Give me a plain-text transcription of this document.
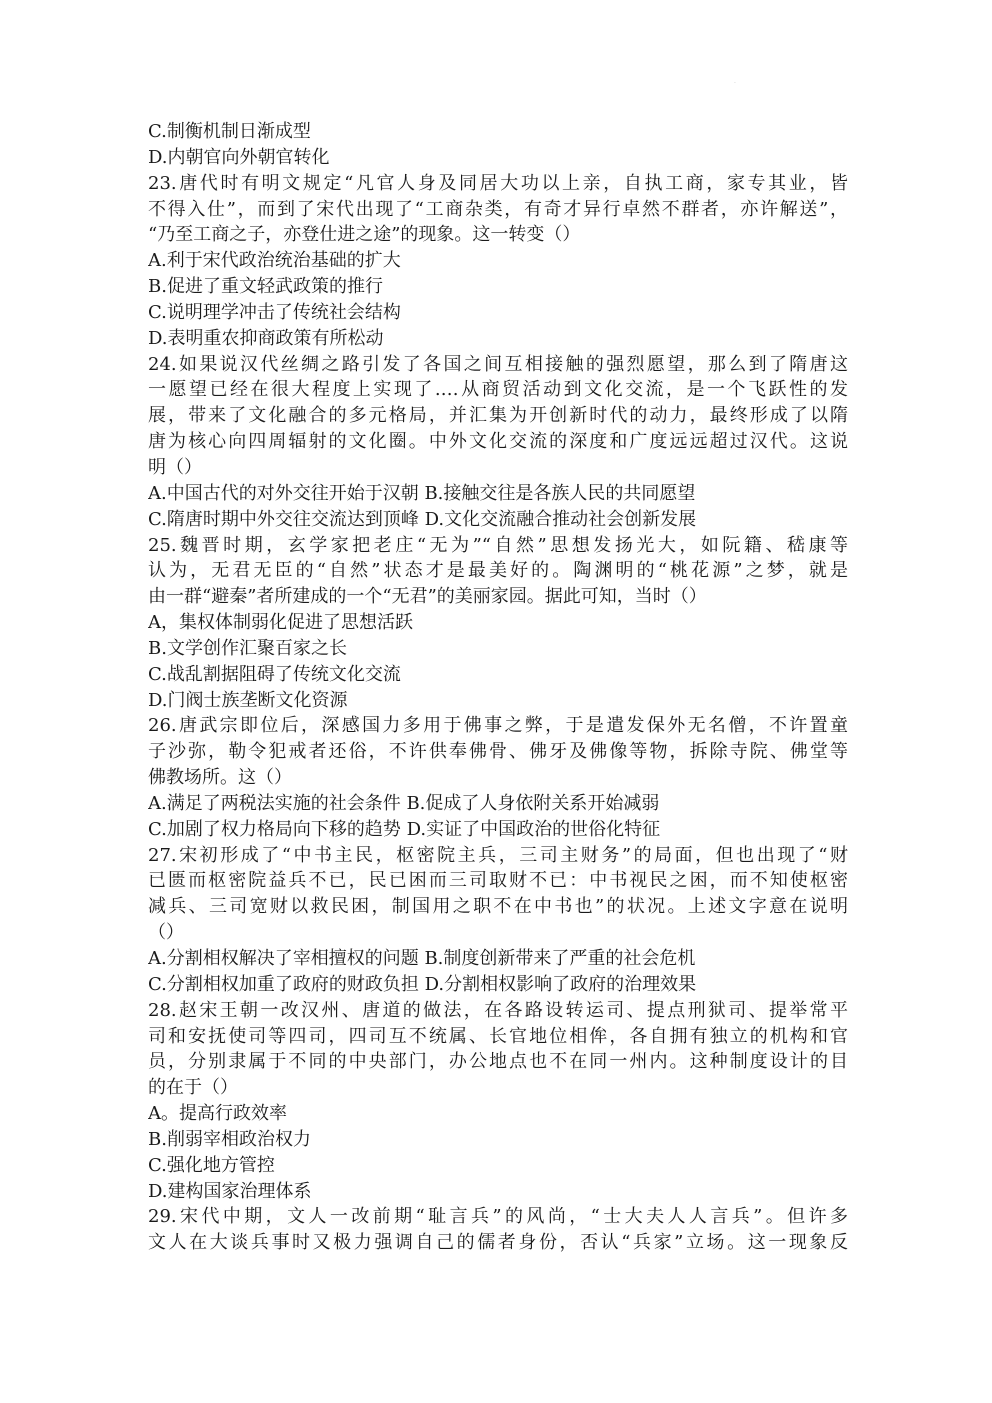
·
C.制衡机制日渐成型
D.内朝官向外朝官转化
23.唐代时有明文规定“凡官人身及同居大功以上亲，自执工商，家专其业，皆
不得入仕”，而到了宋代出现了“工商杂类，有奇才异行卓然不群者，亦许解送”，
“乃至工商之子，亦登仕进之途”的现象。这一转变（）
A.利于宋代政治统治基础的扩大
B.促进了重文轻武政策的推行
C.说明理学冲击了传统社会结构
D.表明重农抑商政策有所松动
24.如果说汉代丝绸之路引发了各国之间互相接触的强烈愿望，那么到了隋唐这
一愿望已经在很大程度上实现了.…从商贸活动到文化交流，是一个飞跃性的发
展，带来了文化融合的多元格局，并汇集为开创新时代的动力，最终形成了以隋
唐为核心向四周辐射的文化圈。中外文化交流的深度和广度远远超过汉代。这说
明（）
A.中国古代的对外交往开始于汉朝 B.接触交往是各族人民的共同愿望
C.隋唐时期中外交往交流达到顶峰 D.文化交流融合推动社会创新发展
25.魏晋时期，玄学家把老庄“无为”“自然”思想发扬光大，如阮籍、嵇康等
认为，无君无臣的“自然”状态才是最美好的。陶渊明的“桃花源”之梦，就是
由一群“避秦”者所建成的一个“无君”的美丽家园。据此可知，当时（）
A，集权体制弱化促进了思想活跃
B.文学创作汇聚百家之长
C.战乱割据阻碍了传统文化交流
D.门阀士族垄断文化资源
26.唐武宗即位后，深感国力多用于佛事之弊，于是遣发保外无名僧，不许置童
子沙弥，勒令犯戒者还俗，不许供奉佛骨、佛牙及佛像等物，拆除寺院、佛堂等
佛教场所。这（）
A.满足了两税法实施的社会条件 B.促成了人身依附关系开始减弱
C.加剧了权力格局向下移的趋势 D.实证了中国政治的世俗化特征
27.宋初形成了“中书主民，枢密院主兵，三司主财务”的局面，但也出现了“财
已匮而枢密院益兵不已，民已困而三司取财不已：中书视民之困，而不知使枢密
减兵、三司宽财以救民困，制国用之职不在中书也”的状况。上述文字意在说明
（）
A.分割相权解决了宰相擅权的问题 B.制度创新带来了严重的社会危机
C.分割相权加重了政府的财政负担 D.分割相权影响了政府的治理效果
28.赵宋王朝一改汉州、唐道的做法，在各路设转运司、提点刑狱司、提举常平
司和安抚使司等四司，四司互不统属、长官地位相侔，各自拥有独立的机构和官
员，分别隶属于不同的中央部门，办公地点也不在同一州内。这种制度设计的目
的在于（）
A。提高行政效率
B.削弱宰相政治权力
C.强化地方管控
D.建构国家治理体系
29.宋代中期，文人一改前期“耻言兵”的风尚，“士大夫人人言兵”。但许多
文人在大谈兵事时又极力强调自己的儒者身份，否认“兵家”立场。这一现象反
